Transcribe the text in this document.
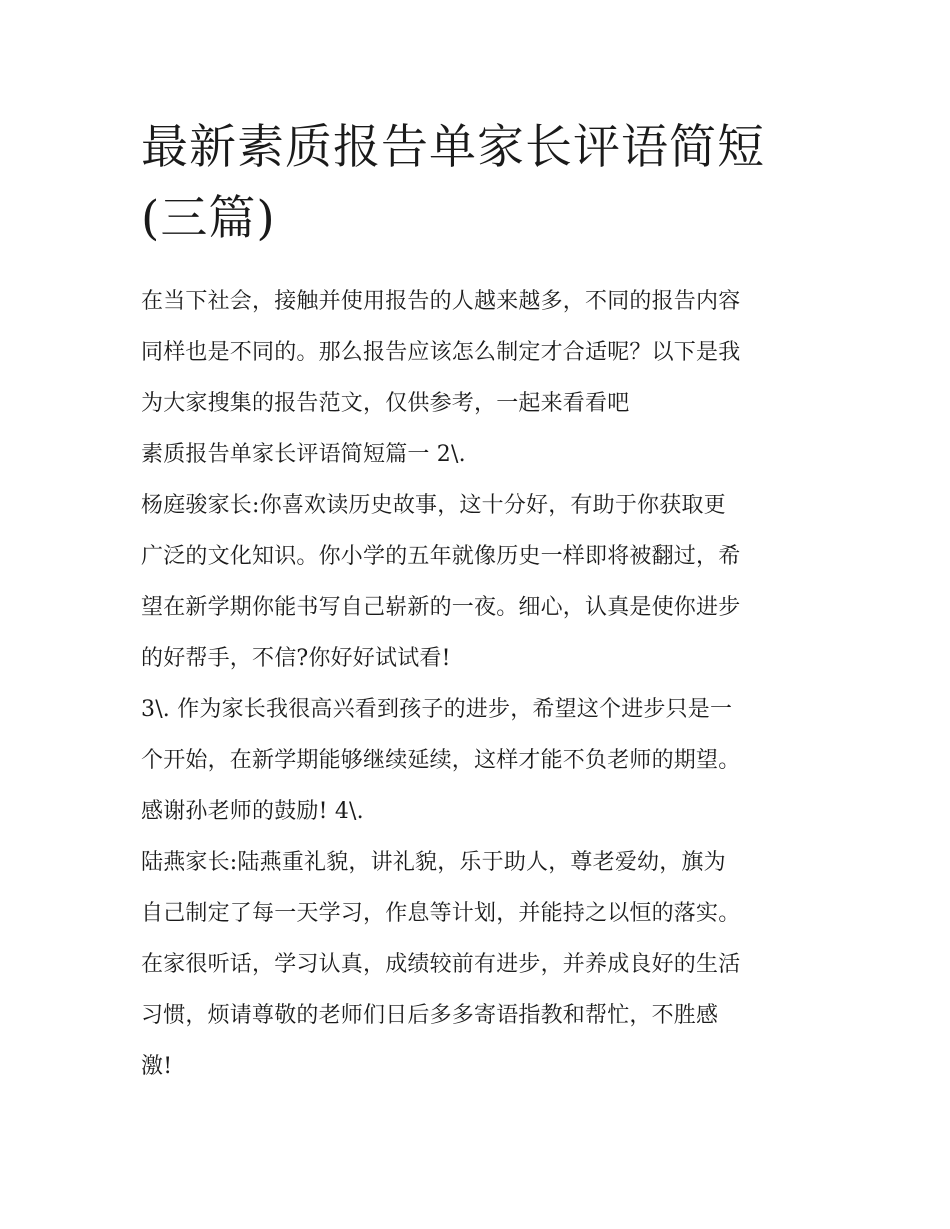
最新素质报告单家长评语简短
(三篇)

在当下社会，接触并使用报告的人越来越多，不同的报告内容
同样也是不同的。那么报告应该怎么制定才合适呢？以下是我
为大家搜集的报告范文，仅供参考，一起来看看吧

素质报告单家长评语简短篇一 2\.

杨庭骏家长:你喜欢读历史故事，这十分好，有助于你获取更
广泛的文化知识。你小学的五年就像历史一样即将被翻过，希
望在新学期你能书写自己崭新的一夜。细心，认真是使你进步
的好帮手，不信?你好好试试看!

3\. 作为家长我很高兴看到孩子的进步，希望这个进步只是一
个开始，在新学期能够继续延续，这样才能不负老师的期望。
感谢孙老师的鼓励! 4\.

陆燕家长:陆燕重礼貌，讲礼貌，乐于助人，尊老爱幼，旗为
自己制定了每一天学习，作息等计划，并能持之以恒的落实。
在家很听话，学习认真，成绩较前有进步，并养成良好的生活
习惯，烦请尊敬的老师们日后多多寄语指教和帮忙，不胜感
激!
